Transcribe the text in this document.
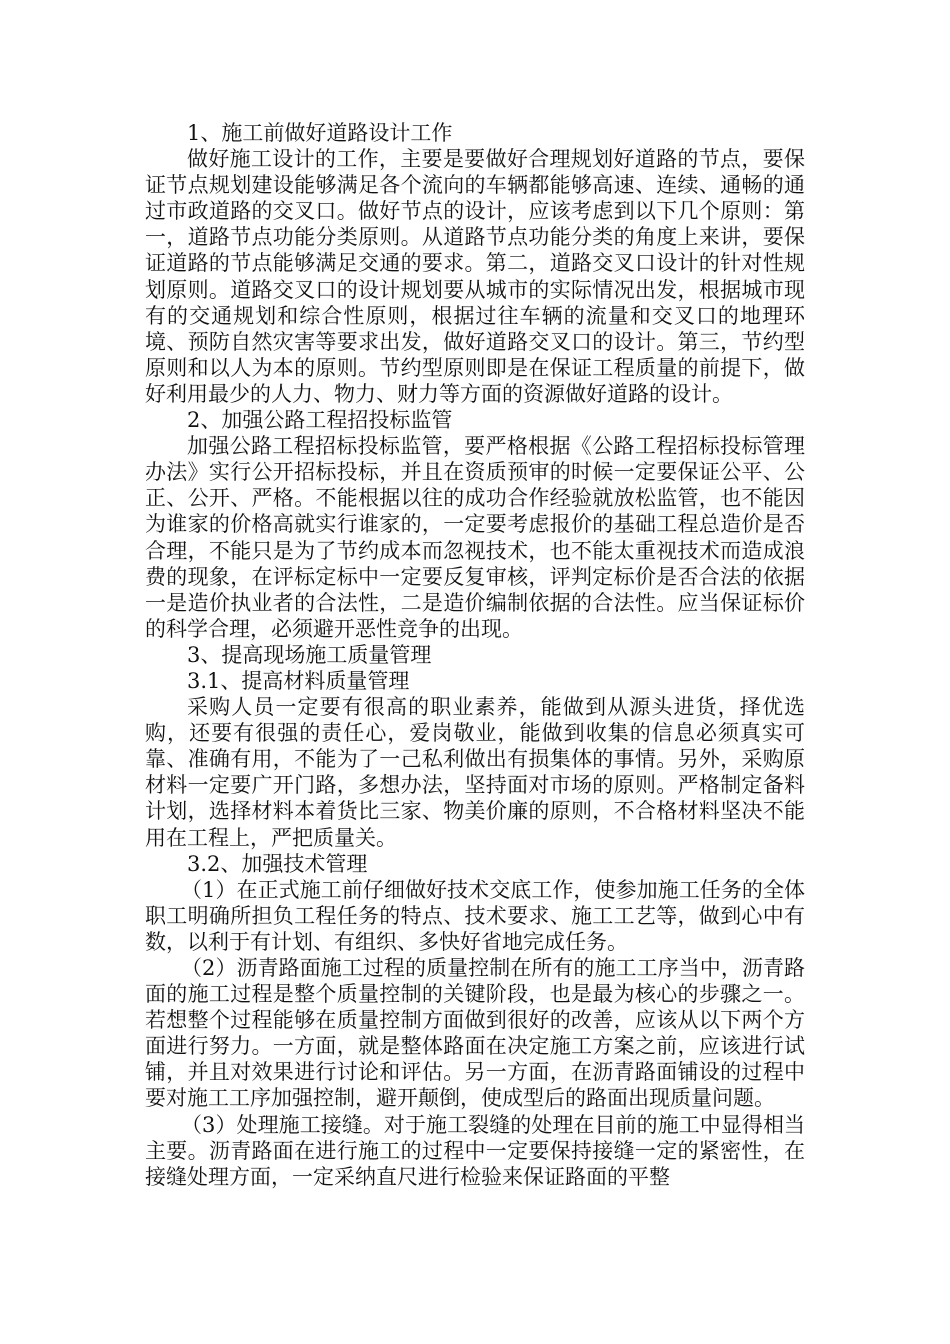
1、施工前做好道路设计工作

做好施工设计的工作，主要是要做好合理规划好道路的节点，要保证节点规划建设能够满足各个流向的车辆都能够高速、连续、通畅的通过市政道路的交叉口。做好节点的设计，应该考虑到以下几个原则：第一，道路节点功能分类原则。从道路节点功能分类的角度上来讲，要保证道路的节点能够满足交通的要求。第二，道路交叉口设计的针对性规划原则。道路交叉口的设计规划要从城市的实际情况出发，根据城市现有的交通规划和综合性原则，根据过往车辆的流量和交叉口的地理环境、预防自然灾害等要求出发，做好道路交叉口的设计。第三，节约型原则和以人为本的原则。节约型原则即是在保证工程质量的前提下，做好利用最少的人力、物力、财力等方面的资源做好道路的设计。

2、加强公路工程招投标监管

加强公路工程招标投标监管，要严格根据《公路工程招标投标管理办法》实行公开招标投标，并且在资质预审的时候一定要保证公平、公正、公开、严格。不能根据以往的成功合作经验就放松监管，也不能因为谁家的价格高就实行谁家的，一定要考虑报价的基础工程总造价是否合理，不能只是为了节约成本而忽视技术，也不能太重视技术而造成浪费的现象，在评标定标中一定要反复审核，评判定标价是否合法的依据一是造价执业者的合法性，二是造价编制依据的合法性。应当保证标价的科学合理，必须避开恶性竞争的出现。

3、提高现场施工质量管理

3.1、提高材料质量管理

采购人员一定要有很高的职业素养，能做到从源头进货，择优选购，还要有很强的责任心，爱岗敬业，能做到收集的信息必须真实可靠、准确有用，不能为了一己私利做出有损集体的事情。另外，采购原材料一定要广开门路，多想办法，坚持面对市场的原则。严格制定备料计划，选择材料本着货比三家、物美价廉的原则，不合格材料坚决不能用在工程上，严把质量关。

3.2、加强技术管理

（1）在正式施工前仔细做好技术交底工作，使参加施工任务的全体职工明确所担负工程任务的特点、技术要求、施工工艺等，做到心中有数，以利于有计划、有组织、多快好省地完成任务。

（2）沥青路面施工过程的质量控制在所有的施工工序当中，沥青路面的施工过程是整个质量控制的关键阶段，也是最为核心的步骤之一。若想整个过程能够在质量控制方面做到很好的改善，应该从以下两个方面进行努力。一方面，就是整体路面在决定施工方案之前，应该进行试铺，并且对效果进行讨论和评估。另一方面，在沥青路面铺设的过程中要对施工工序加强控制，避开颠倒，使成型后的路面出现质量问题。

（3）处理施工接缝。对于施工裂缝的处理在目前的施工中显得相当主要。沥青路面在进行施工的过程中一定要保持接缝一定的紧密性，在接缝处理方面，一定采纳直尺进行检验来保证路面的平整
